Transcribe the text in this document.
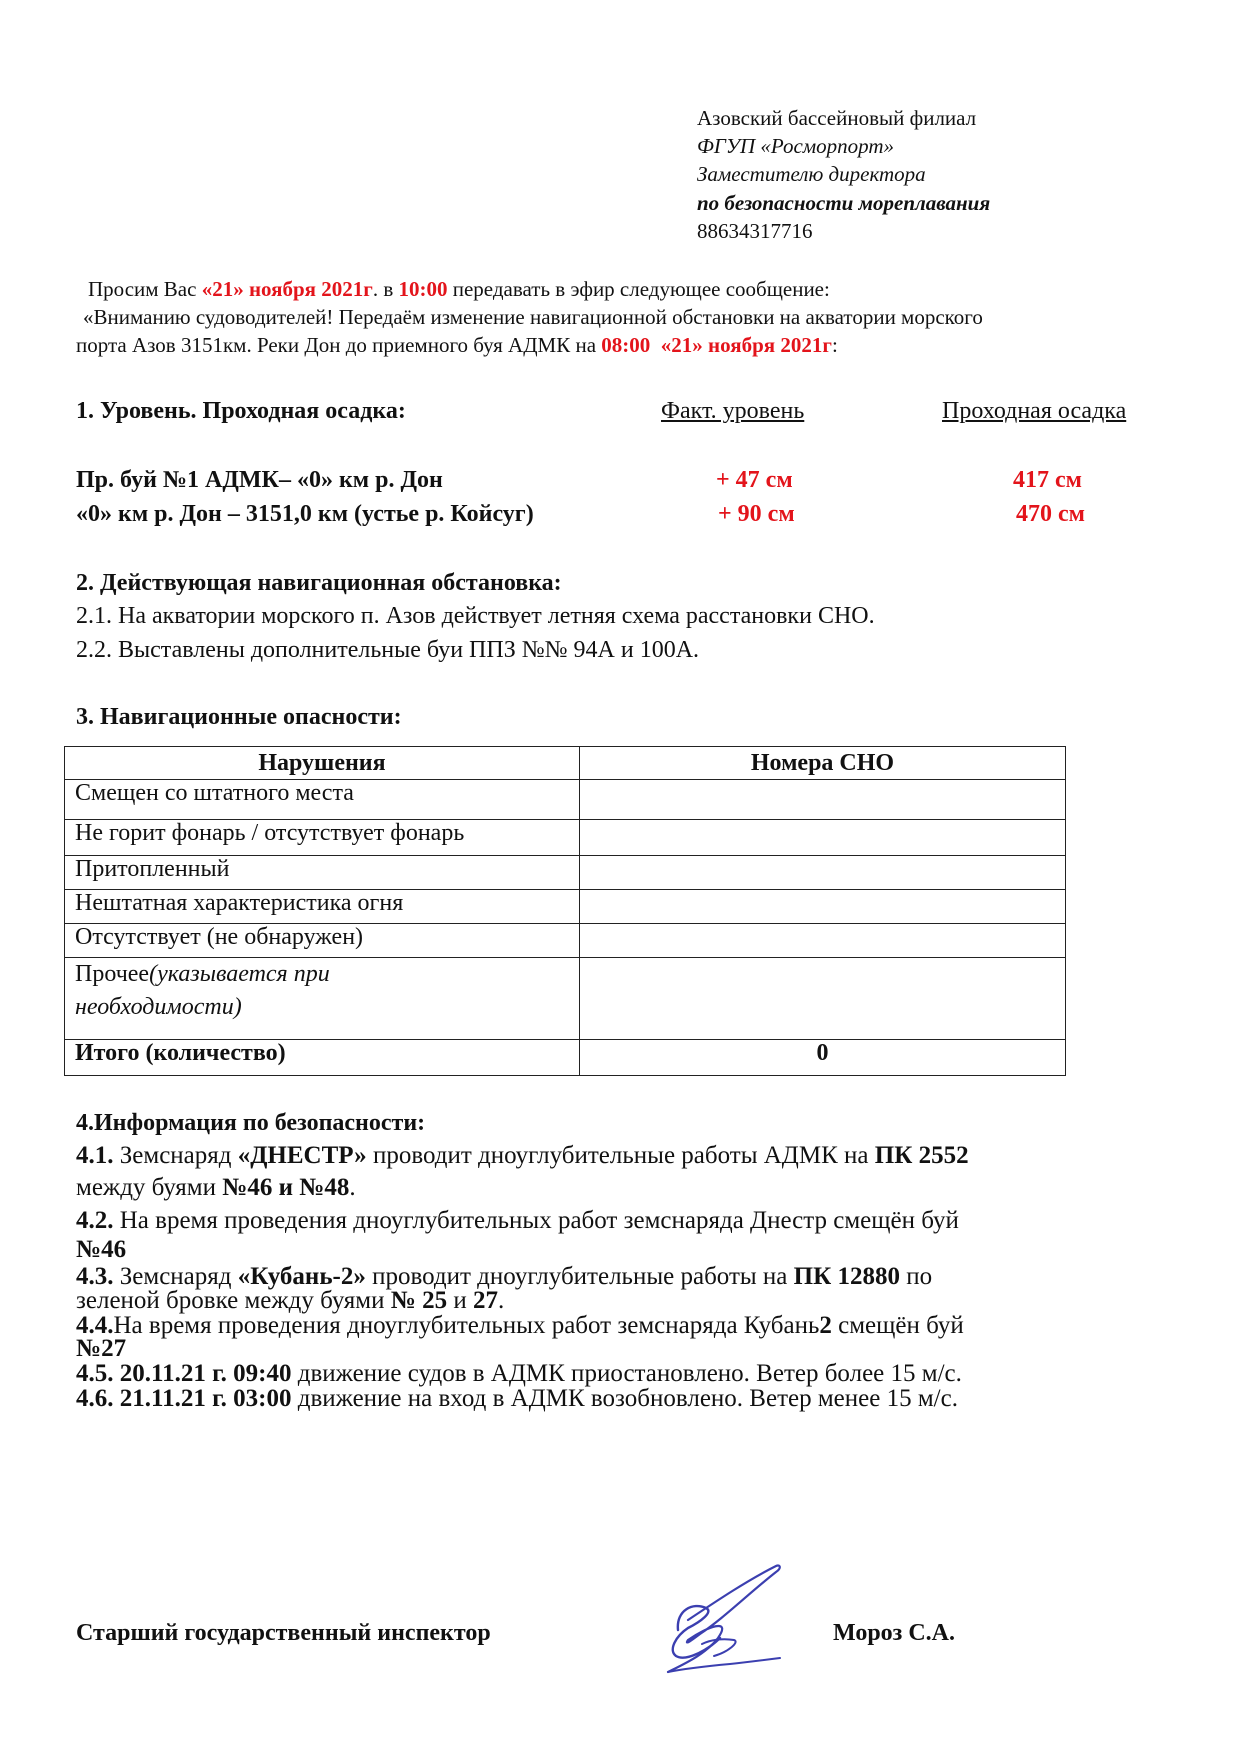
Азовский бассейновый филиал
ФГУП «Росморпорт»
Заместителю директора
по безопасности мореплавания
88634317716
Просим Вас «21» ноября 2021г. в 10:00 передавать в эфир следующее сообщение:
«Вниманию судоводителей! Передаём изменение навигационной обстановки на акватории морского
порта Азов 3151км. Реки Дон до приемного буя АДМК на 08:00 «21» ноября 2021г:
1. Уровень. Проходная осадка:	Факт. уровень	Проходная осадка
Пр. буй №1 АДМК– «0» км р. Дон	+ 47 см	417 см
«0» км р. Дон – 3151,0 км (устье р. Койсуг)	+ 90 см	470 см
2. Действующая навигационная обстановка:
2.1. На акватории морского п. Азов действует летняя схема расстановки СНО.
2.2. Выставлены дополнительные буи ППЗ №№ 94А и 100А.
3. Навигационные опасности:
Нарушения	Номера СНО
Смещен со штатного места	
Не горит фонарь / отсутствует фонарь	
Притопленный	
Нештатная характеристика огня	
Отсутствует (не обнаружен)	
Прочее(указывается при
необходимости)	
Итого (количество)	0
4.Информация по безопасности:
4.1. Земснаряд «ДНЕСТР» проводит дноуглубительные работы АДМК на ПК 2552
между буями №46 и №48.
4.2. На время проведения дноуглубительных работ земснаряда Днестр смещён буй
№46
4.3. Земснаряд «Кубань-2» проводит дноуглубительные работы на ПК 12880 по
зеленой бровке между буями № 25 и 27.
4.4.На время проведения дноуглубительных работ земснаряда Кубань2 смещён буй
№27
4.5. 20.11.21 г. 09:40 движение судов в АДМК приостановлено. Ветер более 15 м/с.
4.6. 21.11.21 г. 03:00 движение на вход в АДМК возобновлено. Ветер менее 15 м/с.
Старший государственный инспектор	Мороз С.А.
